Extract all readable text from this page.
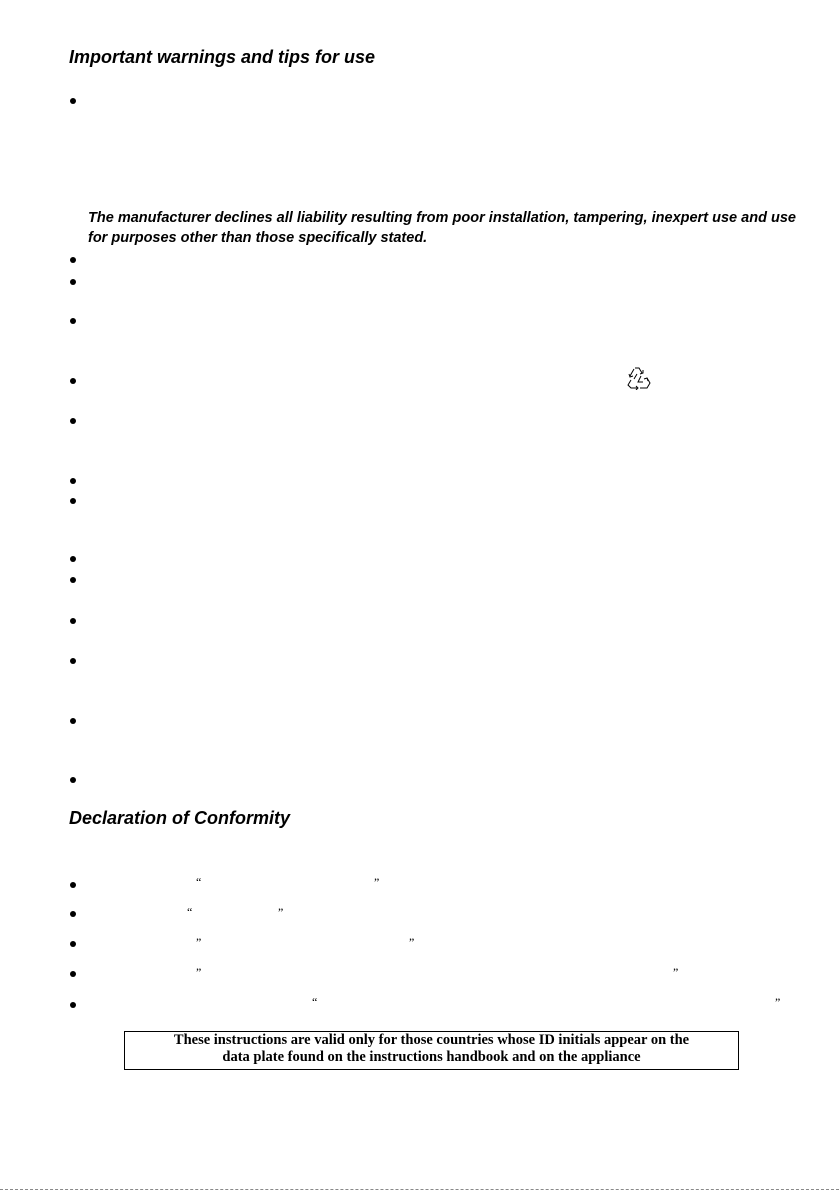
Important warnings and tips for use

The manufacturer declines all liability resulting from poor installation, tampering, inexpert use and use for purposes other than those specifically stated.

Declaration of Conformity
“	”
“	”
”	”
”	”
“	”
These instructions are valid only for those countries whose ID initials appear on the
data plate found on the instructions handbook and on the appliance
